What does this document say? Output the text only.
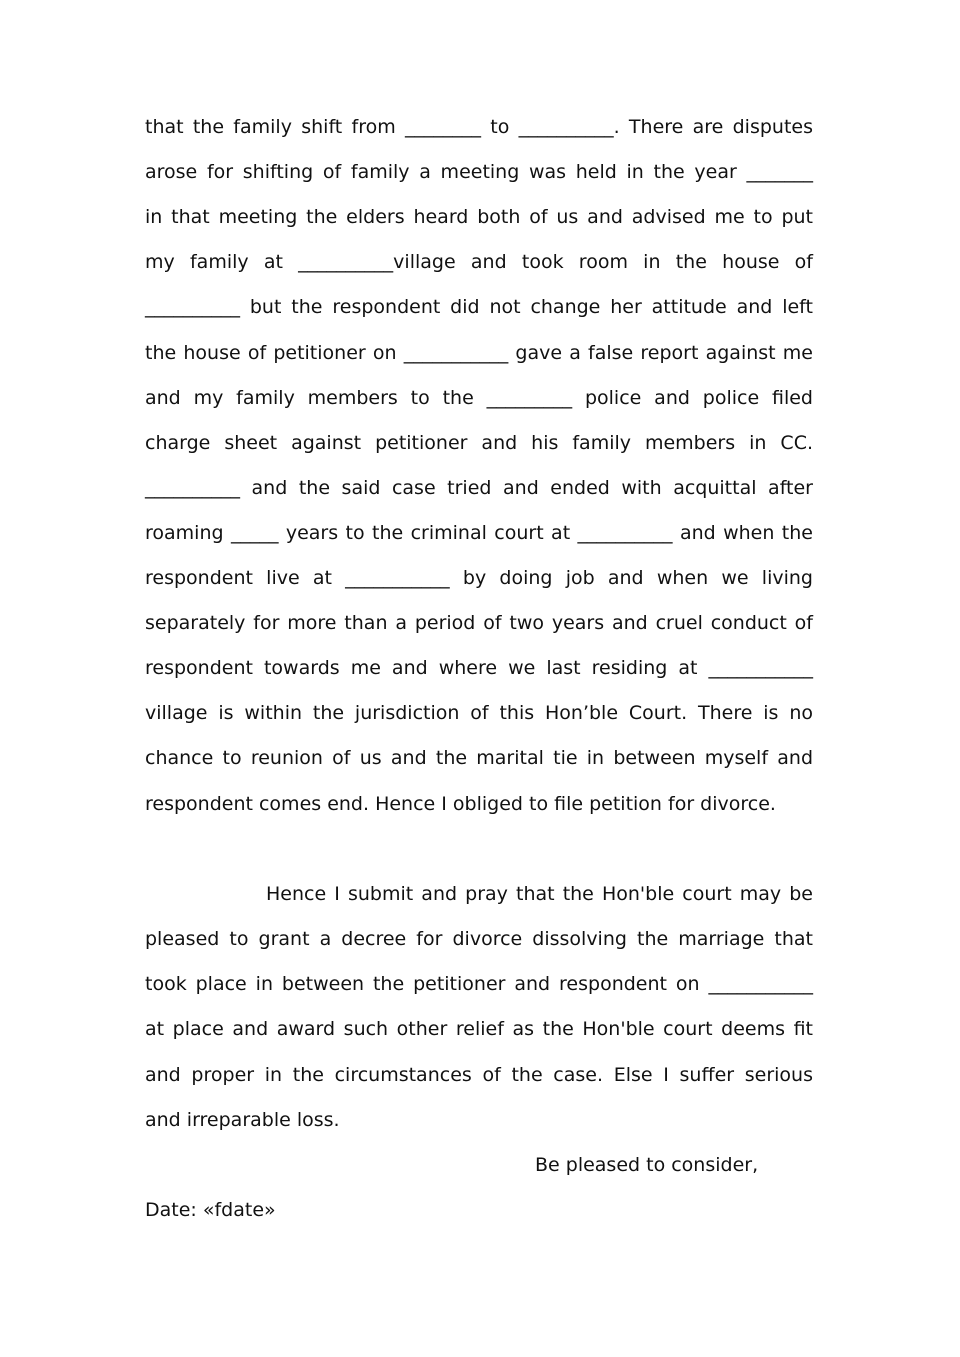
that the family shift from ________ to __________. There are disputes
arose for shifting of family a meeting was held in the year _______
in that meeting the elders heard both of us and advised me to put
my family at __________village and took room in the house of
__________ but the respondent did not change her attitude and left
the house of petitioner on ___________ gave a false report against me
and my family members to the _________ police and police filed
charge sheet against petitioner and his family members in CC.
__________ and the said case tried and ended with acquittal after
roaming _____ years to the criminal court at __________ and when the
respondent live at ___________ by doing job and when we living
separately for more than a period of two years and cruel conduct of
respondent towards me and where we last residing at ___________
village is within the jurisdiction of this Hon’ble Court. There is no
chance to reunion of us and the marital tie in between myself and
respondent comes end. Hence I obliged to file petition for divorce.
Hence I submit and pray that the Hon'ble court may be
pleased to grant a decree for divorce dissolving the marriage that
took place in between the petitioner and respondent on ___________
at place and award such other relief as the Hon'ble court deems fit
and proper in the circumstances of the case. Else I suffer serious
and irreparable loss.
Be pleased to consider,
Date: «fdate»
